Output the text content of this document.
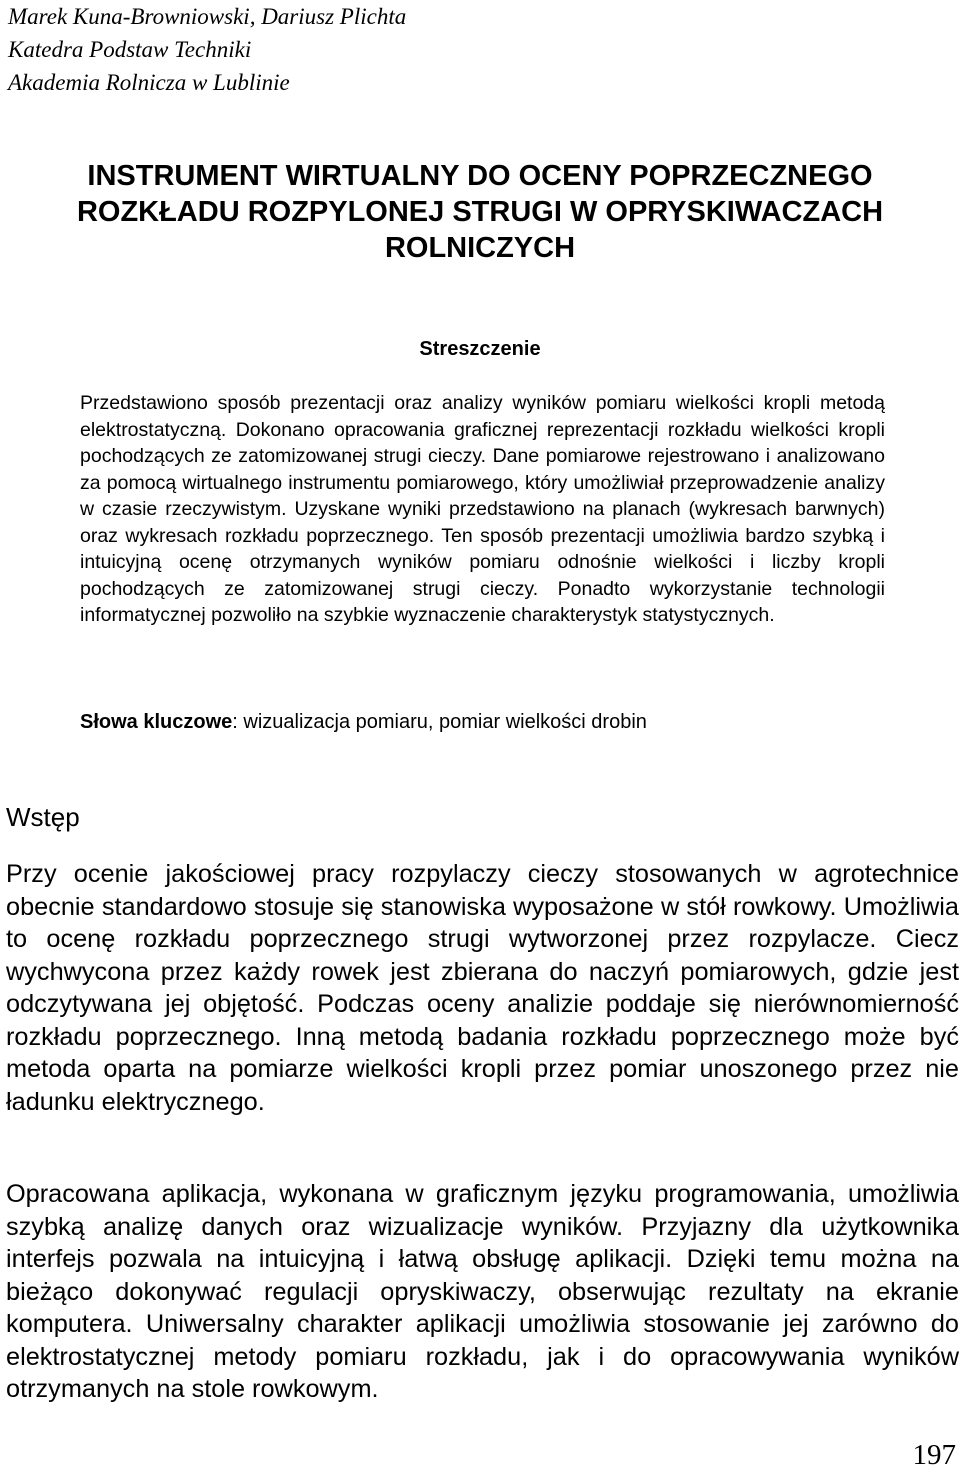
Marek Kuna-Browniowski, Dariusz Plichta
Katedra Podstaw Techniki
Akademia Rolnicza w Lublinie
INSTRUMENT WIRTUALNY DO OCENY POPRZECZNEGO
ROZKŁADU ROZPYLONEJ STRUGI W OPRYSKIWACZACH
ROLNICZYCH
Streszczenie
Przedstawiono sposób prezentacji oraz analizy wyników pomiaru wielkości kropli metodą elektrostatyczną. Dokonano opracowania graficznej reprezentacji rozkładu wielkości kropli pochodzących ze zatomizowanej strugi cieczy. Dane pomiarowe rejestrowano i analizowano za pomocą wirtualnego instrumentu pomiarowego, który umożliwiał przeprowadzenie analizy w czasie rzeczywistym. Uzyskane wyniki przedstawiono na planach (wykresach barwnych) oraz wykresach rozkładu poprzecznego. Ten sposób prezentacji umożliwia bardzo szybką i intuicyjną ocenę otrzymanych wyników pomiaru odnośnie wielkości i liczby kropli pochodzących ze zatomizowanej strugi cieczy. Ponadto wykorzystanie technologii informatycznej pozwoliło na szybkie wyznaczenie charakterystyk statystycznych.
Słowa kluczowe: wizualizacja pomiaru, pomiar wielkości drobin
Wstęp
Przy ocenie jakościowej pracy rozpylaczy cieczy stosowanych w agrotechnice obecnie standardowo stosuje się stanowiska wyposażone w stół rowkowy. Umożliwia to ocenę rozkładu poprzecznego strugi wytworzonej przez rozpylacze. Ciecz wychwycona przez każdy rowek jest zbierana do naczyń pomiarowych, gdzie jest odczytywana jej objętość. Podczas oceny analizie poddaje się nierównomierność rozkładu poprzecznego. Inną metodą badania rozkładu poprzecznego może być metoda oparta na pomiarze wielkości kropli przez pomiar unoszonego przez nie ładunku elektrycznego.
Opracowana aplikacja, wykonana w graficznym języku programowania, umożliwia szybką analizę danych oraz wizualizacje wyników. Przyjazny dla użytkownika interfejs pozwala na intuicyjną i łatwą obsługę aplikacji. Dzięki temu można na bieżąco dokonywać regulacji opryskiwaczy, obserwując rezultaty na ekranie komputera. Uniwersalny charakter aplikacji umożliwia stosowanie jej zarówno do elektrostatycznej metody pomiaru rozkładu, jak i do opracowywania wyników otrzymanych na stole rowkowym.
197
